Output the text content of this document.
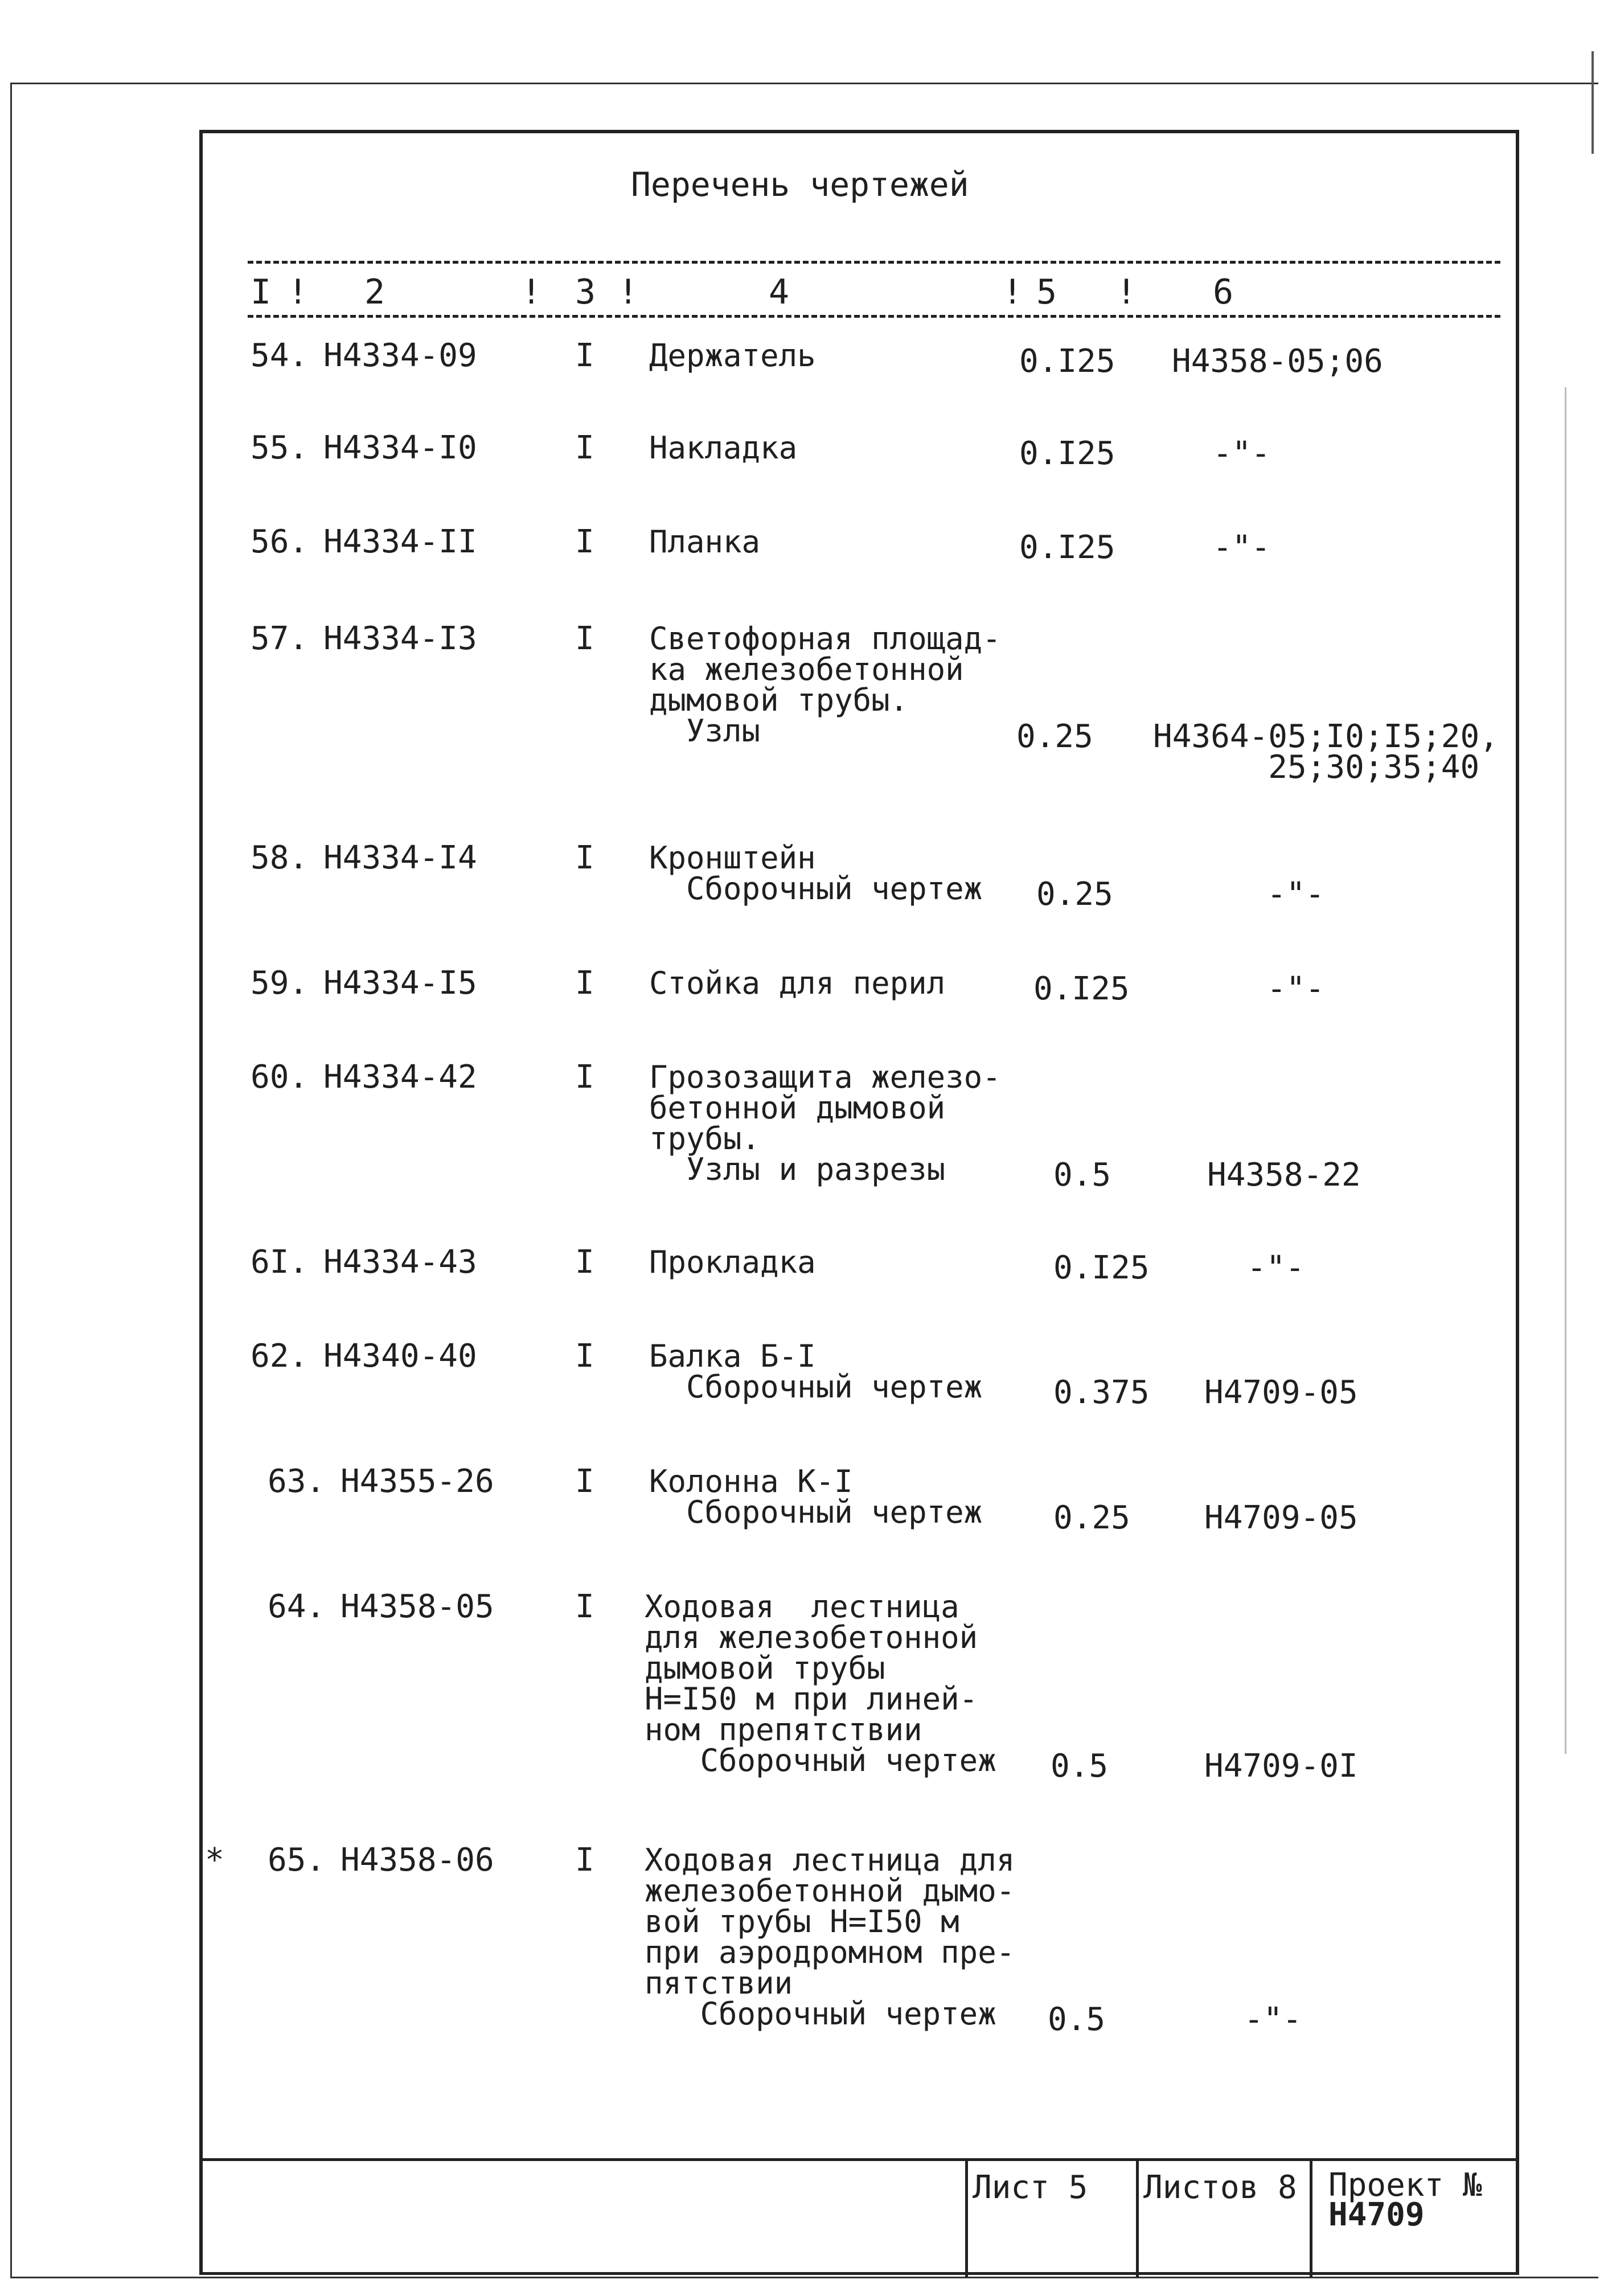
Перечень чертежей
I	2	3	4	5	6
!	! !	!	!
54. H4334-09	I Держатель	0.I25 H4358-05;06
55. H4334-I0	I Накладка	0.I25	-"-
56. H4334-II	I Планка	0.I25	-"-
57. H4334-I3	I Светофорная площад-
ка железобетонной
дымовой трубы.
Узлы	0.25 H4364-05;I0;I5;20,
25;30;35;40
58. H4334-I4	I Кронштейн
Сборочный чертеж 0.25	-"-
59. H4334-I5	I Стойка для перил	0.I25	-"-
60. H4334-42	I Грозозащита железо-
бетонной дымовой
трубы.
Узлы и разрезы	0.5	H4358-22
6I. H4334-43	I Прокладка	0.I25	-"-
62. H4340-40	I Балка Б-I
Сборочный чертеж 0.375 H4709-05
63. H4355-26	I Колонна К-I
Сборочный чертеж 0.25 H4709-05
64. H4358-05	I Ходовая  лестница
для железобетонной
дымовой трубы
H=I50 м при линей-
ном препятствии
Сборочный чертеж 0.5	H4709-0I
* 65. H4358-06	I Ходовая лестница для
железобетонной дымо-
вой трубы H=I50 м
при аэродромном пре-
пятствии
Сборочный чертеж 0.5	-"-
Лист 5 Листов 8 Проект №
H4709
